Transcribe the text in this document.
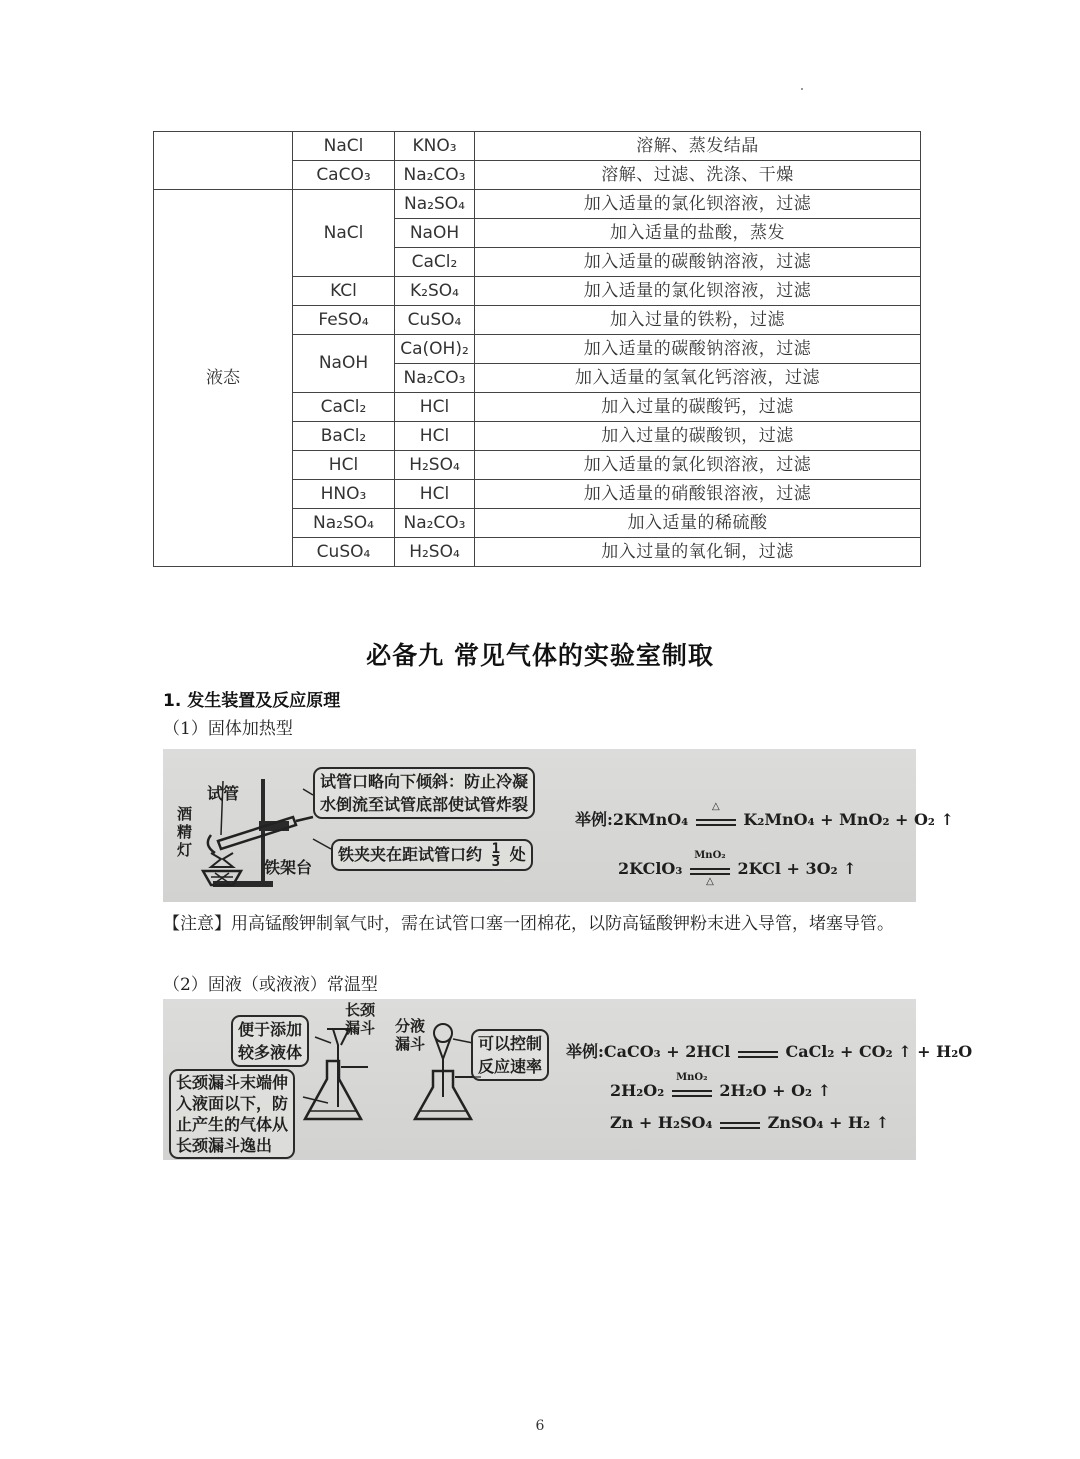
	NaCl	KNO₃	溶解、蒸发结晶
	CaCO₃	Na₂CO₃	溶解、过滤、洗涤、干燥
液态	NaCl	Na₂SO₄	加入适量的氯化钡溶液，过滤
		NaOH	加入适量的盐酸，蒸发
		CaCl₂	加入适量的碳酸钠溶液，过滤
	KCl	K₂SO₄	加入适量的氯化钡溶液，过滤
	FeSO₄	CuSO₄	加入过量的铁粉，过滤
	NaOH	Ca(OH)₂	加入适量的碳酸钠溶液，过滤
		Na₂CO₃	加入适量的氢氧化钙溶液，过滤
	CaCl₂	HCl	加入过量的碳酸钙，过滤
	BaCl₂	HCl	加入过量的碳酸钡，过滤
	HCl	H₂SO₄	加入适量的氯化钡溶液，过滤
	HNO₃	HCl	加入适量的硝酸银溶液，过滤
	Na₂SO₄	Na₂CO₃	加入适量的稀硫酸
	CuSO₄	H₂SO₄	加入过量的氧化铜，过滤
必备九 常见气体的实验室制取
1. 发生装置及反应原理
（1）固体加热型
试管
酒
精
灯
铁架台
试管口略向下倾斜：防止冷凝
水倒流至试管底部使试管炸裂
铁夹夹在距试管口约 $\frac{1}{3}$ 处
举例:2KMnO₄
△
K₂MnO₄ + MnO₂ + O₂ ↑
2KClO₃
MnO₂
△
2KCl + 3O₂ ↑
【注意】用高锰酸钾制氧气时，需在试管口塞一团棉花，以防高锰酸钾粉末进入导管，堵塞导管。
（2）固液（或液液）常温型
便于添加
较多液体
长颈
漏斗 分液
漏斗	可以控制
反应速率
长颈漏斗末端伸
入液面以下，防
止产生的气体从
长颈漏斗逸出
举例:CaCO₃ + 2HCl	CaCl₂ + CO₂ ↑ + H₂O
2H₂O₂
MnO₂
2H₂O + O₂ ↑
Zn + H₂SO₄	ZnSO₄ + H₂ ↑
6
